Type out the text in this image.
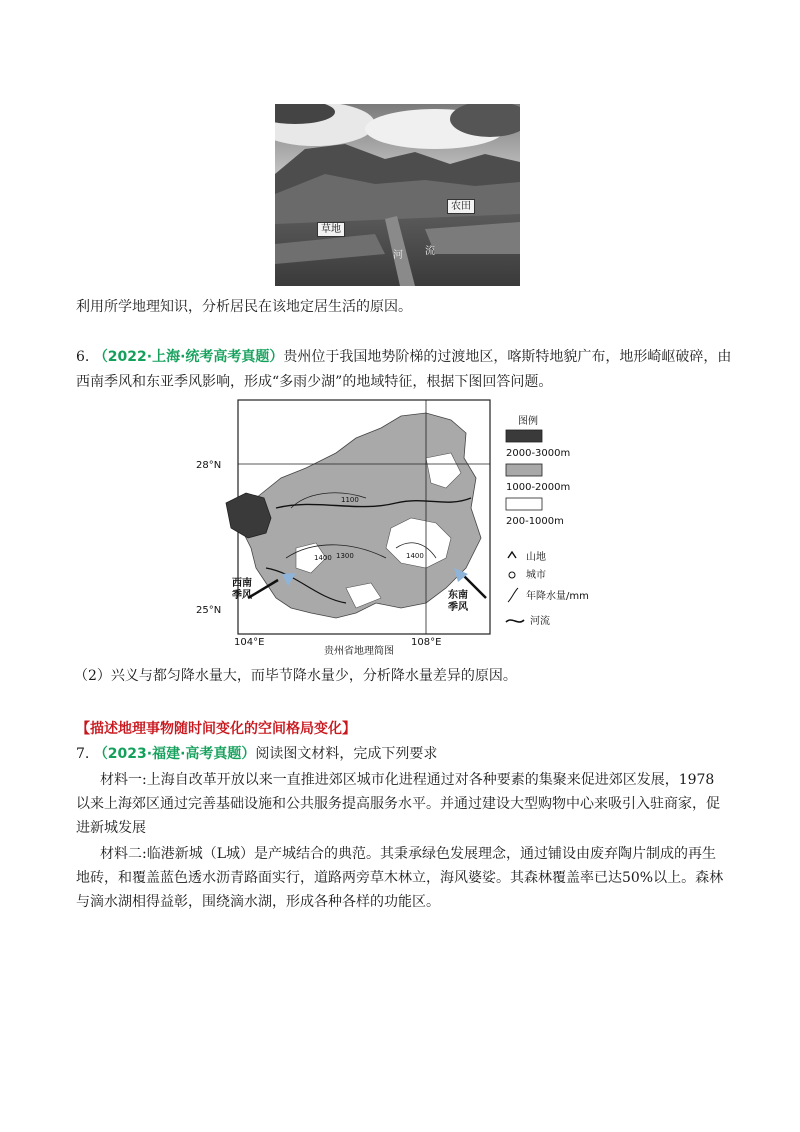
农田
草地
河 流
利用所学地理知识，分析居民在该地定居生活的原因。
6. （2022·上海·统考高考真题）贵州位于我国地势阶梯的过渡地区，喀斯特地貌广布，地形崎岖破碎，由
西南季风和东亚季风影响，形成“多雨少湖”的地域特征，根据下图回答问题。
28°N
25°N
104°E	108°E
贵州省地理简图
1100
1300
1400	1400
西南
季风	东南
季风
图例
2000-3000m
1000-2000m
200-1000m
山地
城市
年降水量/mm
河流
（2）兴义与都匀降水量大，而毕节降水量少，分析降水量差异的原因。
【描述地理事物随时间变化的空间格局变化】
7. （2023·福建·高考真题）阅读图文材料，完成下列要求
材料一:上海自改革开放以来一直推进郊区城市化进程通过对各种要素的集聚来促进郊区发展，1978
以来上海郊区通过完善基础设施和公共服务提高服务水平。并通过建设大型购物中心来吸引入驻商家，促
进新城发展
材料二:临港新城（L城）是产城结合的典范。其秉承绿色发展理念，通过铺设由废弃陶片制成的再生
地砖，和覆盖蓝色透水沥青路面实行，道路两旁草木林立，海风婆娑。其森林覆盖率已达50%以上。森林
与滴水湖相得益彰，围绕滴水湖，形成各种各样的功能区。
